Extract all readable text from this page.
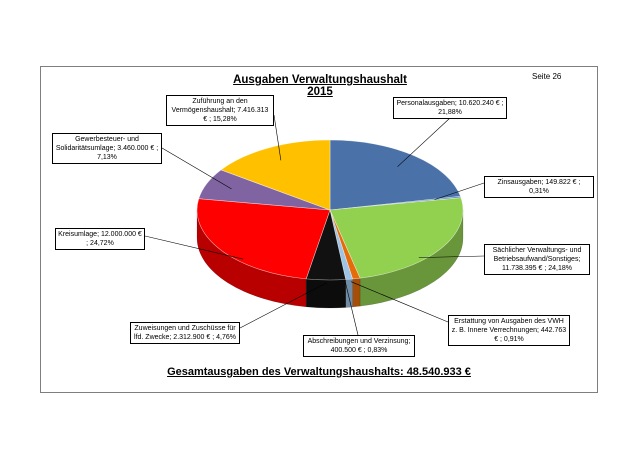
Ausgaben Verwaltungshaushalt 2015
Seite 26
Personalausgaben; 10.620.240 € ; 21,88%
Zinsausgaben; 149.822 € ; 0,31%
Sächlicher Verwaltungs- und Betriebsaufwand/Sonstiges; 11.738.395 € ; 24,18%
Erstattung von Ausgaben des VWH z. B. Innere Verrechnungen; 442.763 € ; 0,91%
Abschreibungen und Verzinsung; 400.500 € ; 0,83%
Zuweisungen und Zuschüsse für lfd. Zwecke; 2.312.900 € ; 4,76%
Kreisumlage; 12.000.000 € ; 24,72%
Gewerbesteuer- und Solidaritätsumlage; 3.460.000 € ; 7,13%
Zuführung an den Vermögenshaushalt; 7.416.313 € ; 15,28%
Gesamtausgaben des Verwaltungshaushalts: 48.540.933 €
